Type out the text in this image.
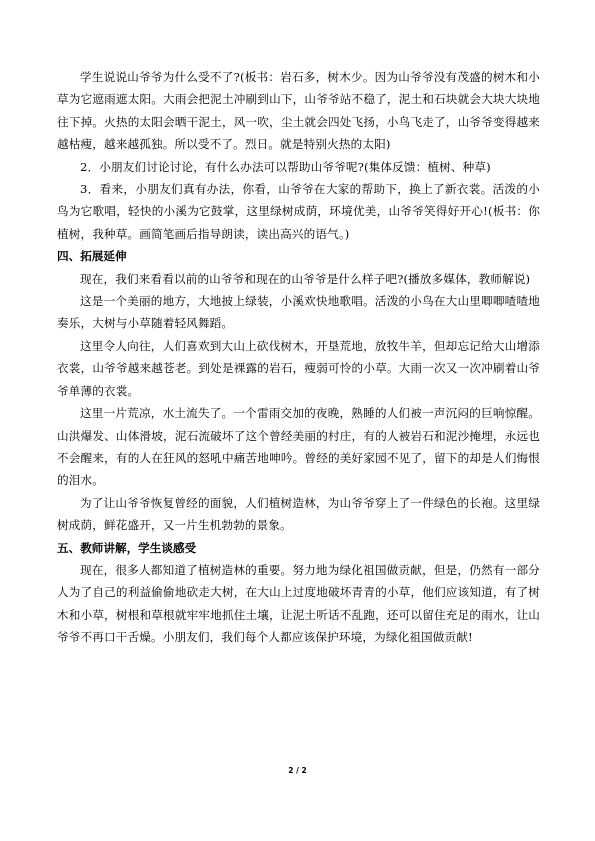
学生说说山爷爷为什么受不了?(板书：岩石多，树木少。因为山爷爷没有茂盛的树木和小草为它遮雨遮太阳。大雨会把泥土冲刷到山下，山爷爷站不稳了，泥土和石块就会大块大块地往下掉。火热的太阳会晒干泥土，风一吹，尘土就会四处飞扬，小鸟飞走了，山爷爷变得越来越枯瘦，越来越孤独。所以受不了。烈日。就是特别火热的太阳)

2．小朋友们讨论讨论，有什么办法可以帮助山爷爷呢?(集体反馈：植树、种草)

3．看来，小朋友们真有办法，你看，山爷爷在大家的帮助下，换上了新衣裳。活泼的小鸟为它歌唱，轻快的小溪为它鼓掌，这里绿树成荫，环境优美，山爷爷笑得好开心!(板书：你植树，我种草。画简笔画后指导朗读，读出高兴的语气。)

四、拓展延伸

现在，我们来看看以前的山爷爷和现在的山爷爷是什么样子吧?(播放多媒体，教师解说)

这是一个美丽的地方，大地披上绿装，小溪欢快地歌唱。活泼的小鸟在大山里唧唧喳喳地奏乐，大树与小草随着轻风舞蹈。

这里令人向往，人们喜欢到大山上砍伐树木，开垦荒地，放牧牛羊，但却忘记给大山增添衣裳，山爷爷越来越苍老。到处是裸露的岩石，瘦弱可怜的小草。大雨一次又一次冲刷着山爷爷单薄的衣裳。

这里一片荒凉，水土流失了。一个雷雨交加的夜晚，熟睡的人们被一声沉闷的巨响惊醒。山洪爆发、山体滑坡，泥石流破坏了这个曾经美丽的村庄，有的人被岩石和泥沙掩埋，永远也不会醒来，有的人在狂风的怒吼中痛苦地呻吟。曾经的美好家园不见了，留下的却是人们悔恨的泪水。

为了让山爷爷恢复曾经的面貌，人们植树造林，为山爷爷穿上了一件绿色的长袍。这里绿树成荫，鲜花盛开，又一片生机勃勃的景象。

五、教师讲解，学生谈感受

现在，很多人都知道了植树造林的重要。努力地为绿化祖国做贡献，但是，仍然有一部分人为了自己的利益偷偷地砍走大树，在大山上过度地破坏青青的小草，他们应该知道，有了树木和小草，树根和草根就牢牢地抓住土壤，让泥土听话不乱跑，还可以留住充足的雨水，让山爷爷不再口干舌燥。小朋友们，我们每个人都应该保护环境，为绿化祖国做贡献!

2 / 2
